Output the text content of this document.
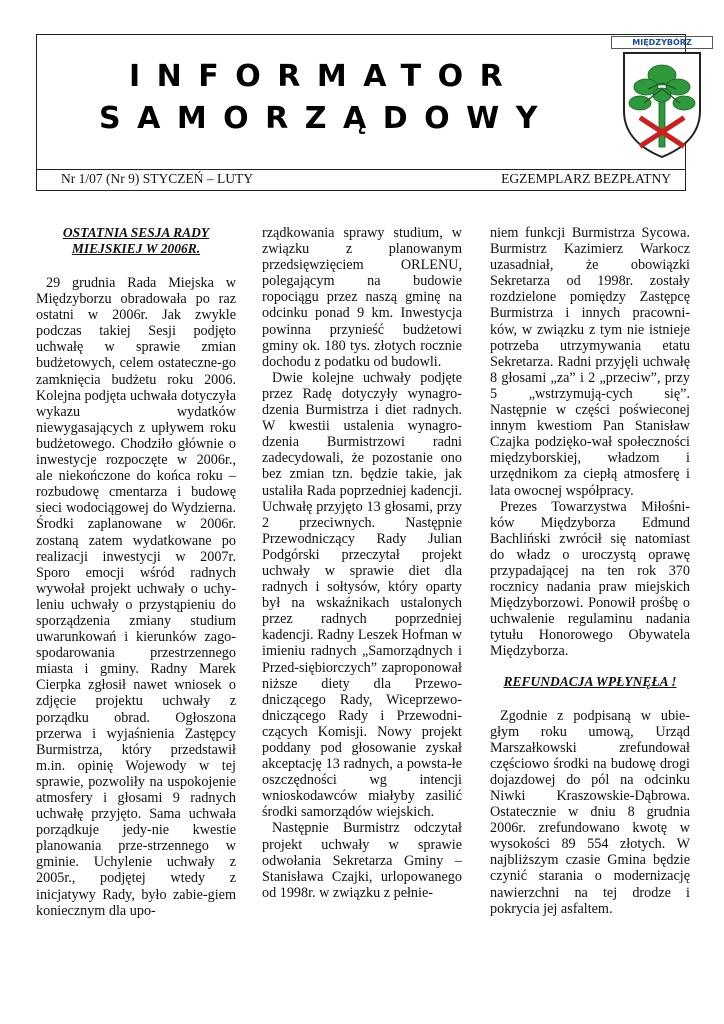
INFORMATOR
SAMORZĄDOWY
MIĘDZYBÓRZ
Nr 1/07 (Nr 9) STYCZEŃ – LUTY	EGZEMPLARZ BEZPŁATNY
OSTATNIA SESJA RADY MIEJSKIEJ W 2006R.

29 grudnia Rada Miejska w Międzyborzu obradowała po raz ostatni w 2006r. Jak zwykle podczas takiej Sesji podjęto uchwałę w sprawie zmian budżetowych, celem ostateczne-go zamknięcia budżetu roku 2006. Kolejna podjęta uchwała dotyczyła wykazu wydatków niewygasających z upływem roku budżetowego. Chodziło głównie o inwestycje rozpoczęte w 2006r., ale niekończone do końca roku – rozbudowę cmentarza i budowę sieci wodociągowej do Wydzierna. Środki zaplanowane w 2006r. zostaną zatem wydatkowane po realizacji inwestycji w 2007r. Sporo emocji wśród radnych wywołał projekt uchwały o uchy-leniu uchwały o przystąpieniu do sporządzenia zmiany studium uwarunkowań i kierunków zago-spodarowania przestrzennego miasta i gminy. Radny Marek Cierpka zgłosił nawet wniosek o zdjęcie projektu uchwały z porządku obrad. Ogłoszona przerwa i wyjaśnienia Zastępcy Burmistrza, który przedstawił m.in. opinię Wojewody w tej sprawie, pozwoliły na uspokojenie atmosfery i głosami 9 radnych uchwałę przyjęto. Sama uchwała porządkuje jedy-nie kwestie planowania prze-strzennego w gminie. Uchylenie uchwały z 2005r., podjętej wtedy z inicjatywy Rady, było zabie-giem koniecznym dla upo-

rządkowania sprawy studium, w związku z planowanym przedsięwzięciem ORLENU, polegającym na budowie ropociągu przez naszą gminę na odcinku ponad 9 km. Inwestycja powinna przynieść budżetowi gminy ok. 180 tys. złotych rocznie dochodu z podatku od budowli.

Dwie kolejne uchwały podjęte przez Radę dotyczyły wynagro-dzenia Burmistrza i diet radnych. W kwestii ustalenia wynagro-dzenia Burmistrzowi radni zadecydowali, że pozostanie ono bez zmian tzn. będzie takie, jak ustaliła Rada poprzedniej kadencji. Uchwałę przyjęto 13 głosami, przy 2 przeciwnych. Następnie Przewodniczący Rady Julian Podgórski przeczytał projekt uchwały w sprawie diet dla radnych i sołtysów, który oparty był na wskaźnikach ustalonych przez radnych poprzedniej kadencji. Radny Leszek Hofman w imieniu radnych „Samorządnych i Przed-siębiorczych” zaproponował niższe diety dla Przewo-dniczącego Rady, Wiceprzewo-dniczącego Rady i Przewodni-czących Komisji. Nowy projekt poddany pod głosowanie zyskał akceptację 13 radnych, a powsta-łe oszczędności wg intencji wnioskodawców miałyby zasilić środki samorządów wiejskich.

Następnie Burmistrz odczytał projekt uchwały w sprawie odwołania Sekretarza Gminy – Stanisława Czajki, urlopowanego od 1998r. w związku z pełnie-

niem funkcji Burmistrza Sycowa. Burmistrz Kazimierz Warkocz uzasadniał, że obowiązki Sekretarza od 1998r. zostały rozdzielone pomiędzy Zastępcę Burmistrza i innych pracowni-ków, w związku z tym nie istnieje potrzeba utrzymywania etatu Sekretarza. Radni przyjęli uchwałę 8 głosami „za” i 2 „przeciw”, przy 5 „wstrzymują-cych się”. Następnie w części poświeconej innym kwestiom Pan Stanisław Czajka podzięko-wał społeczności międzyborskiej, władzom i urzędnikom za ciepłą atmosferę i lata owocnej współpracy.

Prezes Towarzystwa Miłośni-ków Międzyborza Edmund Bachliński zwrócił się natomiast do władz o uroczystą oprawę przypadającej na ten rok 370 rocznicy nadania praw miejskich Międzyborzowi. Ponowił prośbę o uchwalenie regulaminu nadania tytułu Honorowego Obywatela Międzyborza.

REFUNDACJA WPŁYNĘŁA !

Zgodnie z podpisaną w ubie-głym roku umową, Urząd Marszałkowski zrefundował częściowo środki na budowę drogi dojazdowej do pól na odcinku Niwki Kraszowskie-Dąbrowa. Ostatecznie w dniu 8 grudnia 2006r. zrefundowano kwotę w wysokości 89 554 złotych. W najbliższym czasie Gmina będzie czynić starania o modernizację nawierzchni na tej drodze i pokrycia jej asfaltem.
